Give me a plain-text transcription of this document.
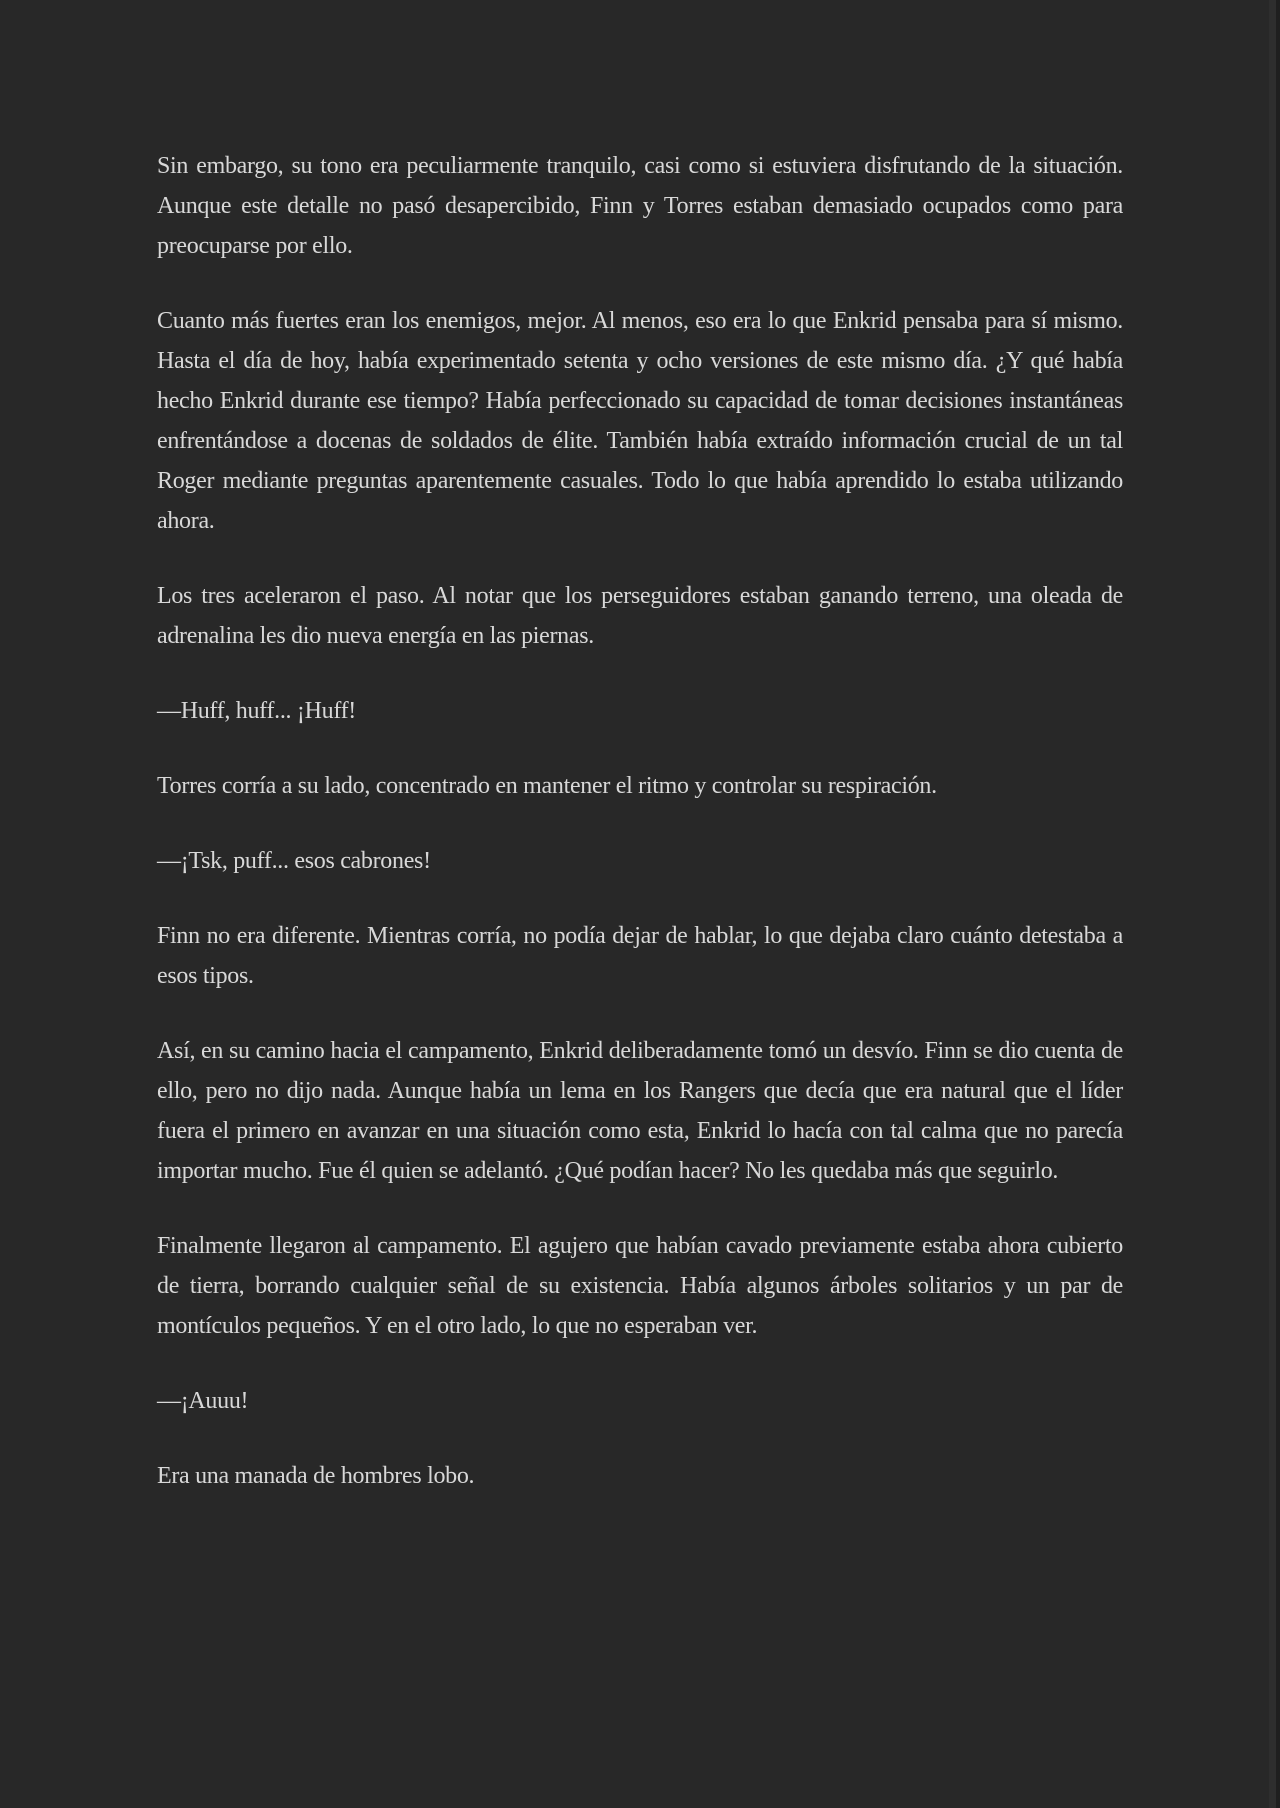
Sin embargo, su tono era peculiarmente tranquilo, casi como si estuviera disfrutando de la situación. Aunque este detalle no pasó desapercibido, Finn y Torres estaban demasiado ocupados como para preocuparse por ello.

Cuanto más fuertes eran los enemigos, mejor. Al menos, eso era lo que Enkrid pensaba para sí mismo. Hasta el día de hoy, había experimentado setenta y ocho versiones de este mismo día. ¿Y qué había hecho Enkrid durante ese tiempo? Había perfeccionado su capacidad de tomar decisiones instantáneas enfrentándose a docenas de soldados de élite. También había extraído información crucial de un tal Roger mediante preguntas aparentemente casuales. Todo lo que había aprendido lo estaba utilizando ahora.

Los tres aceleraron el paso. Al notar que los perseguidores estaban ganando terreno, una oleada de adrenalina les dio nueva energía en las piernas.

—Huff, huff... ¡Huff!

Torres corría a su lado, concentrado en mantener el ritmo y controlar su respiración.

—¡Tsk, puff... esos cabrones!

Finn no era diferente. Mientras corría, no podía dejar de hablar, lo que dejaba claro cuánto detestaba a esos tipos.

Así, en su camino hacia el campamento, Enkrid deliberadamente tomó un desvío. Finn se dio cuenta de ello, pero no dijo nada. Aunque había un lema en los Rangers que decía que era natural que el líder fuera el primero en avanzar en una situación como esta, Enkrid lo hacía con tal calma que no parecía importar mucho. Fue él quien se adelantó. ¿Qué podían hacer? No les quedaba más que seguirlo.

Finalmente llegaron al campamento. El agujero que habían cavado previamente estaba ahora cubierto de tierra, borrando cualquier señal de su existencia. Había algunos árboles solitarios y un par de montículos pequeños. Y en el otro lado, lo que no esperaban ver.

—¡Auuu!

Era una manada de hombres lobo.
